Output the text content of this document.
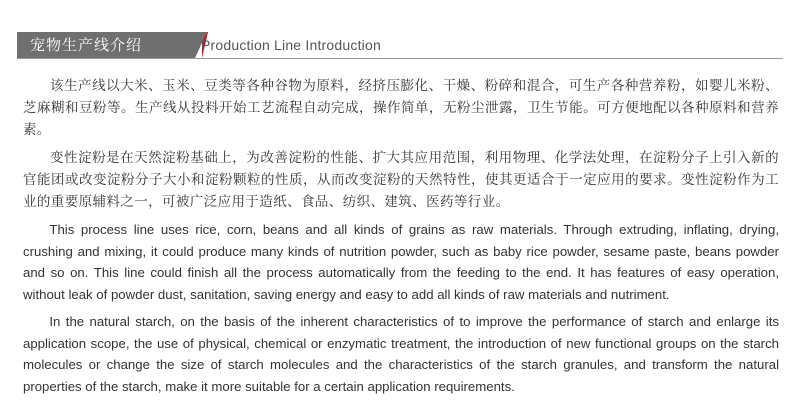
宠物生产线介绍	Production Line Introduction

该生产线以大米、玉米、豆类等各种谷物为原料，经挤压膨化、干燥、粉碎和混合，可生产各种营养粉，如婴儿米粉、芝麻糊和豆粉等。生产线从投料开始工艺流程自动完成，操作简单，无粉尘泄露，卫生节能。可方便地配以各种原料和营养素。

变性淀粉是在天然淀粉基础上，为改善淀粉的性能、扩大其应用范围，利用物理、化学法处理，在淀粉分子上引入新的官能团或改变淀粉分子大小和淀粉颗粒的性质，从而改变淀粉的天然特性，使其更适合于一定应用的要求。变性淀粉作为工业的重要原辅料之一，可被广泛应用于造纸、食品、纺织、建筑、医药等行业。

This process line uses rice, corn, beans and all kinds of grains as raw materials. Through extruding, inflating, drying, crushing and mixing, it could produce many kinds of nutrition powder, such as baby rice powder, sesame paste, beans powder and so on. This line could finish all the process automatically from the feeding to the end. It has features of easy operation, without leak of powder dust, sanitation, saving energy and easy to add all kinds of raw materials and nutriment.

In the natural starch, on the basis of the inherent characteristics of to improve the performance of starch and enlarge its application scope, the use of physical, chemical or enzymatic treatment, the introduction of new functional groups on the starch molecules or change the size of starch molecules and the characteristics of the starch granules, and transform the natural properties of the starch, make it more suitable for a certain application requirements.
